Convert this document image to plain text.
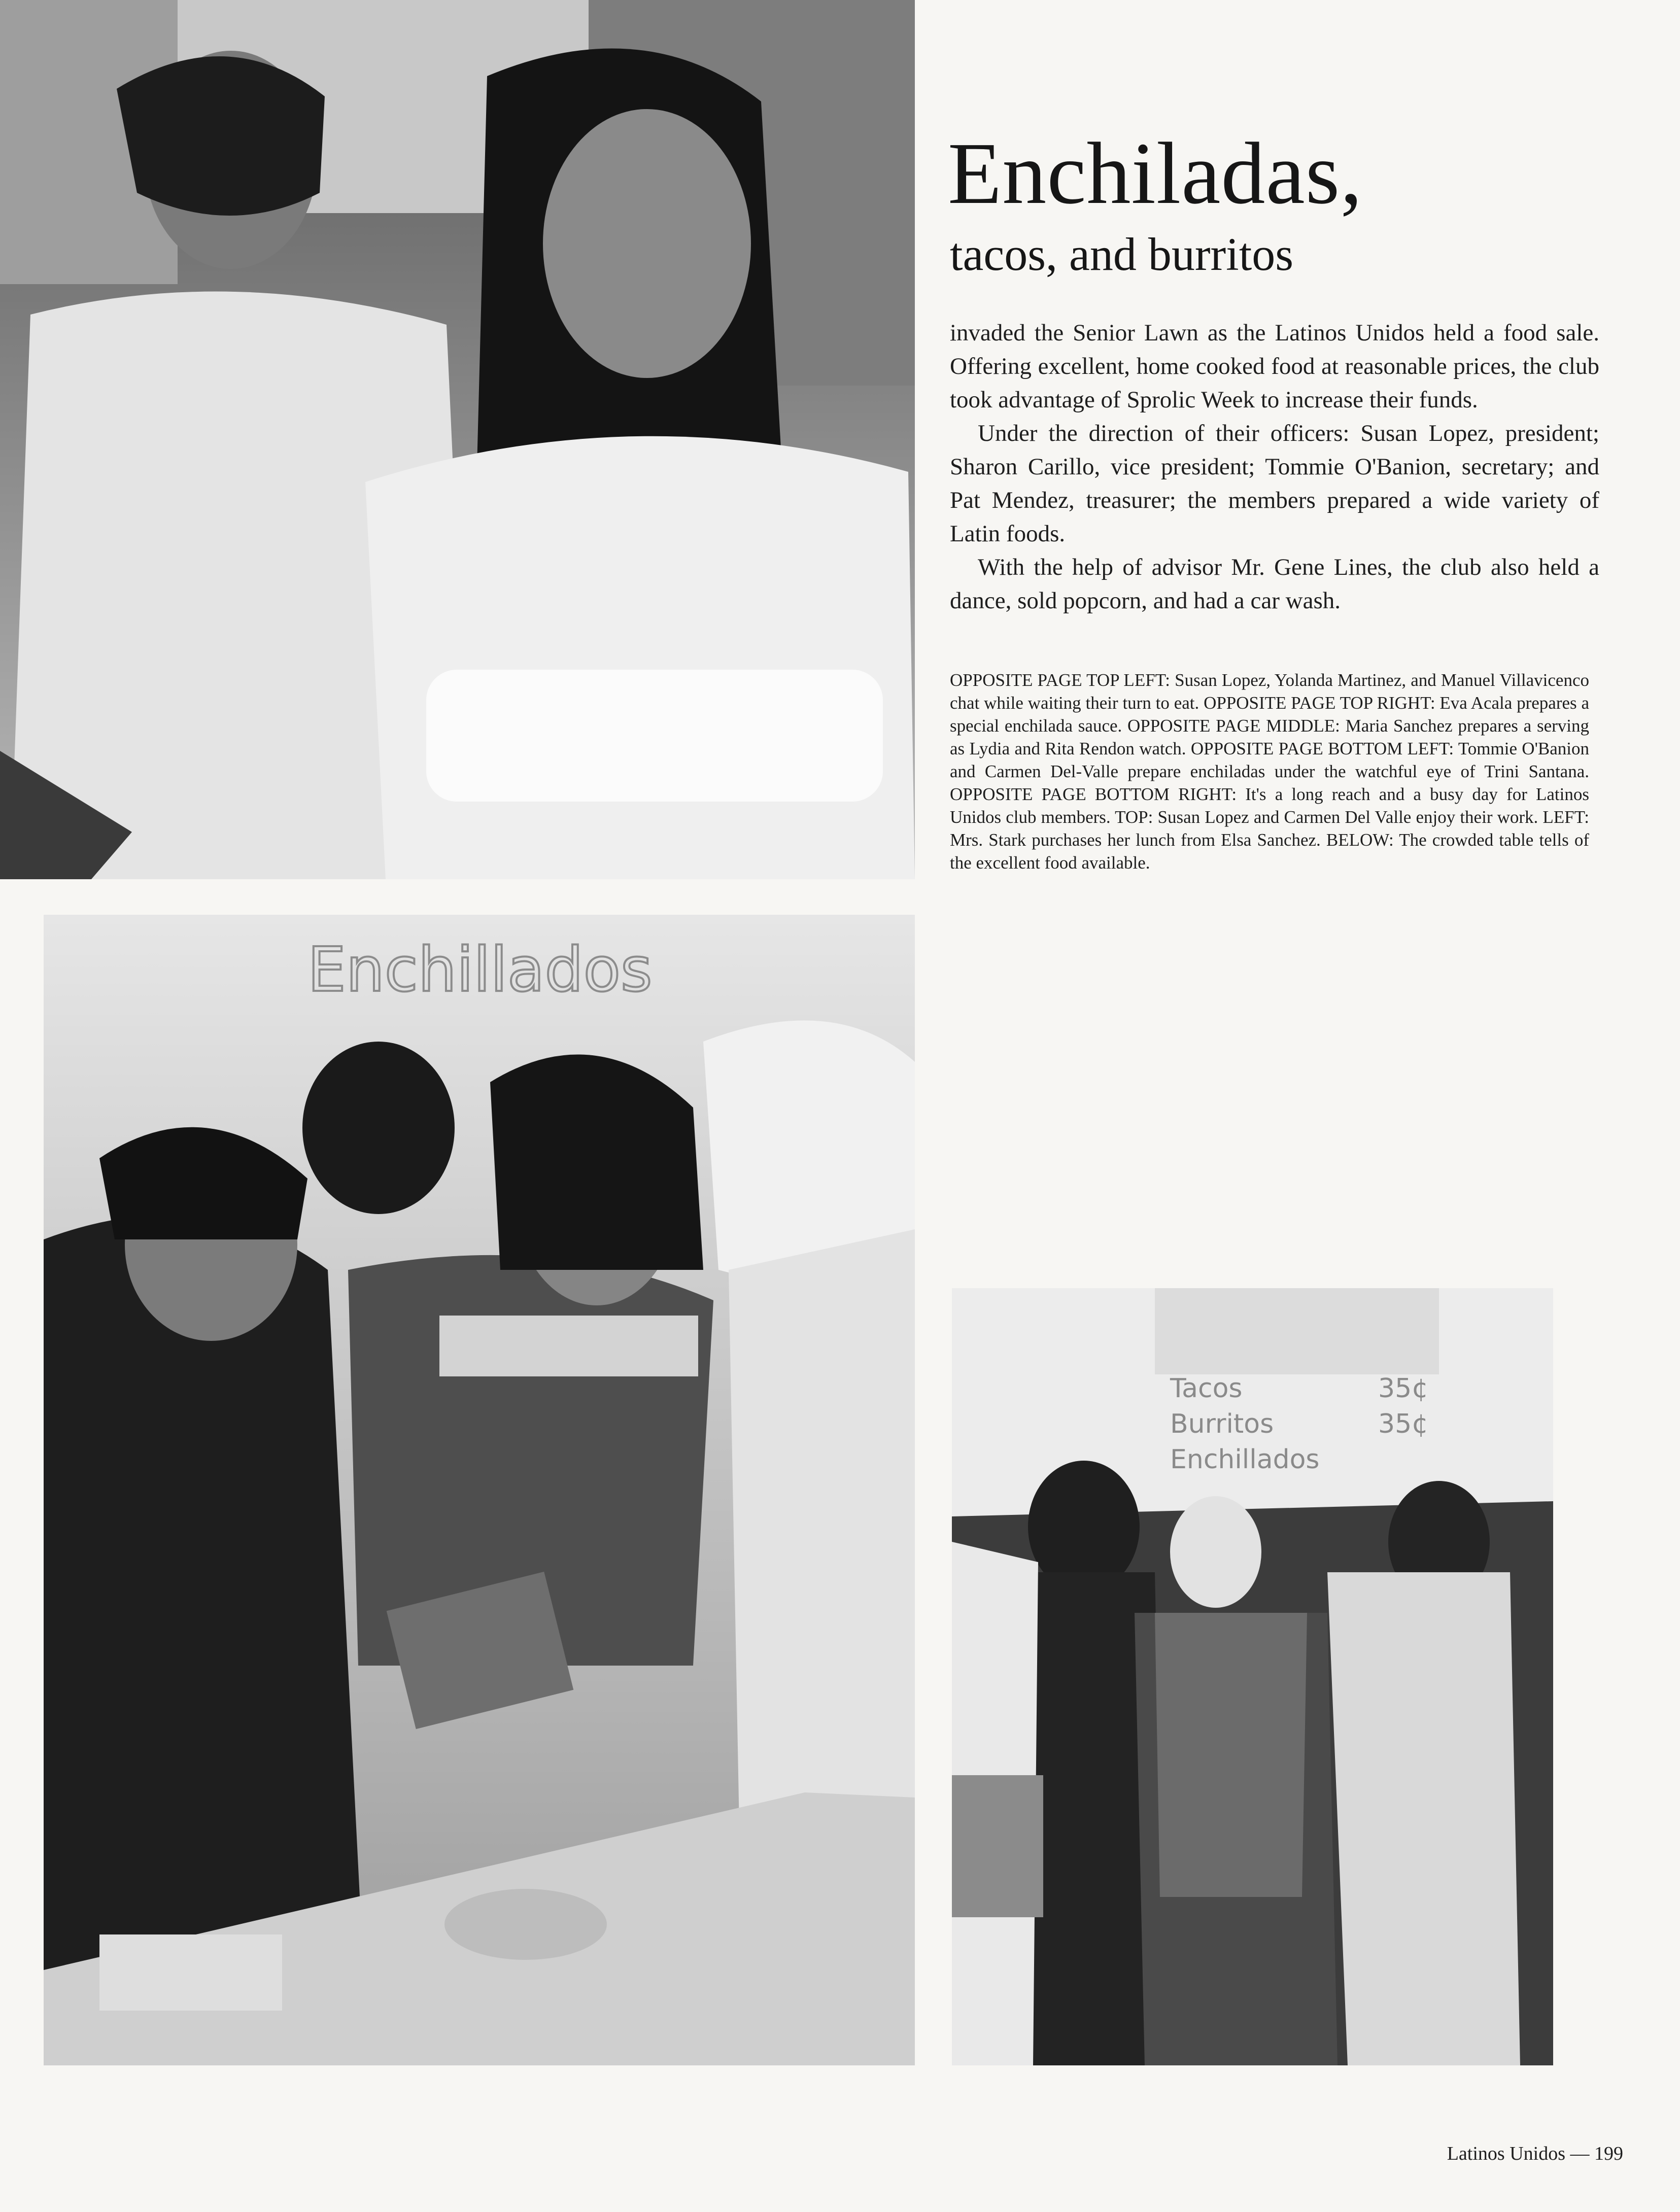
Enchiladas,
tacos, and burritos

invaded the Senior Lawn as the Latinos Unidos held a food sale. Offering excellent, home cooked food at reasonable prices, the club took advantage of Sprolic Week to increase their funds.

Under the direction of their officers: Susan Lopez, president; Sharon Carillo, vice president; Tommie O'Banion, secretary; and Pat Mendez, treasurer; the members prepared a wide variety of Latin foods.

With the help of advisor Mr. Gene Lines, the club also held a dance, sold popcorn, and had a car wash.

OPPOSITE PAGE TOP LEFT: Susan Lopez, Yolanda Martinez, and Manuel Villavicenco chat while waiting their turn to eat. OPPOSITE PAGE TOP RIGHT: Eva Acala prepares a special enchilada sauce. OPPOSITE PAGE MIDDLE: Maria Sanchez prepares a serving as Lydia and Rita Rendon watch. OPPOSITE PAGE BOTTOM LEFT: Tommie O'Banion and Carmen Del-Valle prepare enchiladas under the watchful eye of Trini Santana. OPPOSITE PAGE BOTTOM RIGHT: It's a long reach and a busy day for Latinos Unidos club members. TOP: Susan Lopez and Carmen Del Valle enjoy their work. LEFT: Mrs. Stark purchases her lunch from Elsa Sanchez. BELOW: The crowded table tells of the excellent food available.
Enchillados
Tacos	35¢
Burritos	35¢
Enchillados
Latinos Unidos — 199
